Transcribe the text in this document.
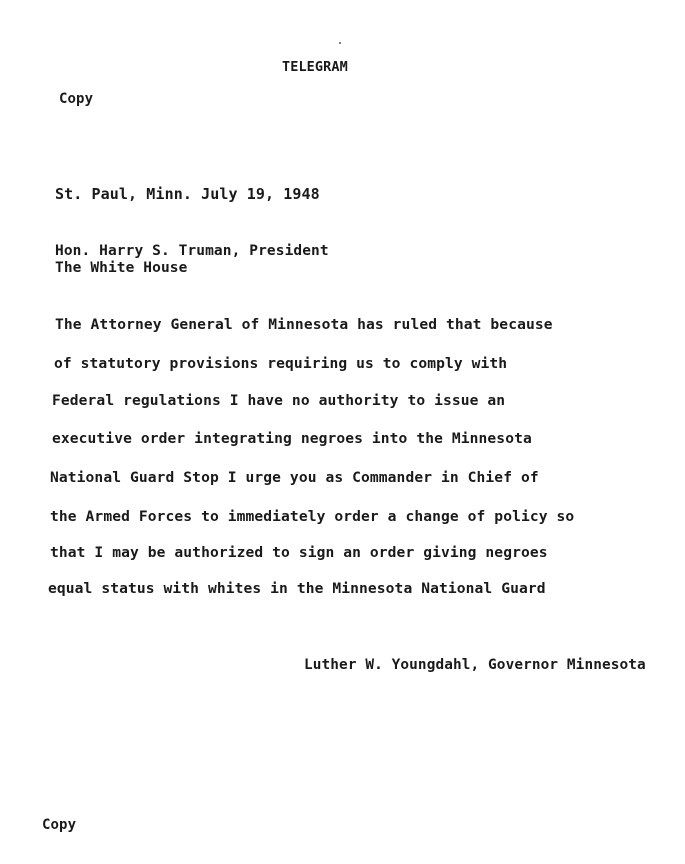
TELEGRAM
Copy
St. Paul, Minn. July 19, 1948
Hon. Harry S. Truman, President
The White House
The Attorney General of Minnesota has ruled that because
of statutory provisions requiring us to comply with
Federal regulations I have no authority to issue an
executive order integrating negroes into the Minnesota
National Guard Stop I urge you as Commander in Chief of
the Armed Forces to immediately order a change of policy so
that I may be authorized to sign an order giving negroes
equal status with whites in the Minnesota National Guard
Luther W. Youngdahl, Governor Minnesota
Copy
